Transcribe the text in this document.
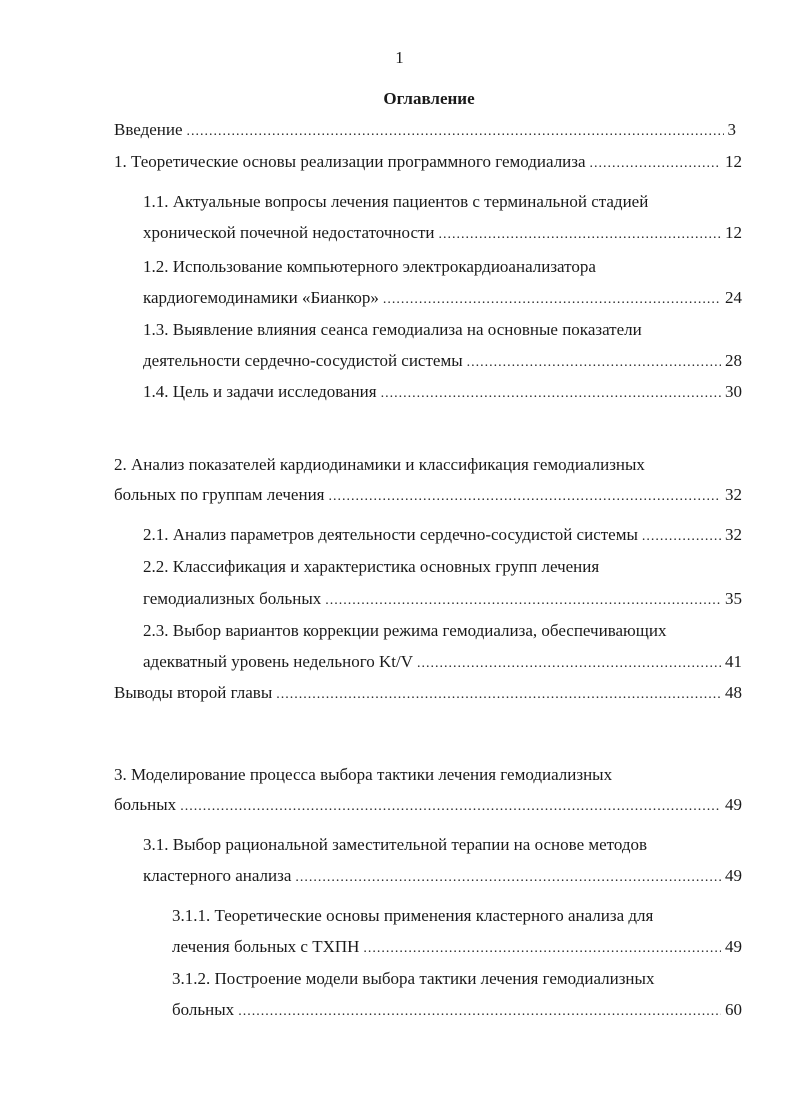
1
Оглавление
Введение .....	3
1. Теоретические основы реализации программного гемодиализа .....	12
1.1. Актуальные вопросы лечения пациентов с терминальной стадией
хронической почечной недостаточности .....	12
1.2. Использование компьютерного электрокардиоанализатора
кардиогемодинамики «Бианкор» .....	24
1.3. Выявление влияния сеанса гемодиализа на основные показатели
деятельности сердечно-сосудистой системы .....	28
1.4. Цель и задачи исследования .....	30
2. Анализ показателей кардиодинамики и классификация гемодиализных
больных по группам лечения .....	32
2.1. Анализ параметров деятельности сердечно-сосудистой системы .....	32
2.2. Классификация и характеристика основных групп лечения
гемодиализных больных .....	35
2.3. Выбор вариантов коррекции режима гемодиализа, обеспечивающих
адекватный уровень недельного Kt/V .....	41
Выводы второй главы .....	48
3. Моделирование процесса выбора тактики лечения гемодиализных
больных .....	49
3.1. Выбор рациональной заместительной терапии на основе методов
кластерного анализа .....	49
3.1.1. Теоретические основы применения кластерного анализа для
лечения больных с ТХПН .....	49
3.1.2. Построение модели выбора тактики лечения гемодиализных
больных .....	60
